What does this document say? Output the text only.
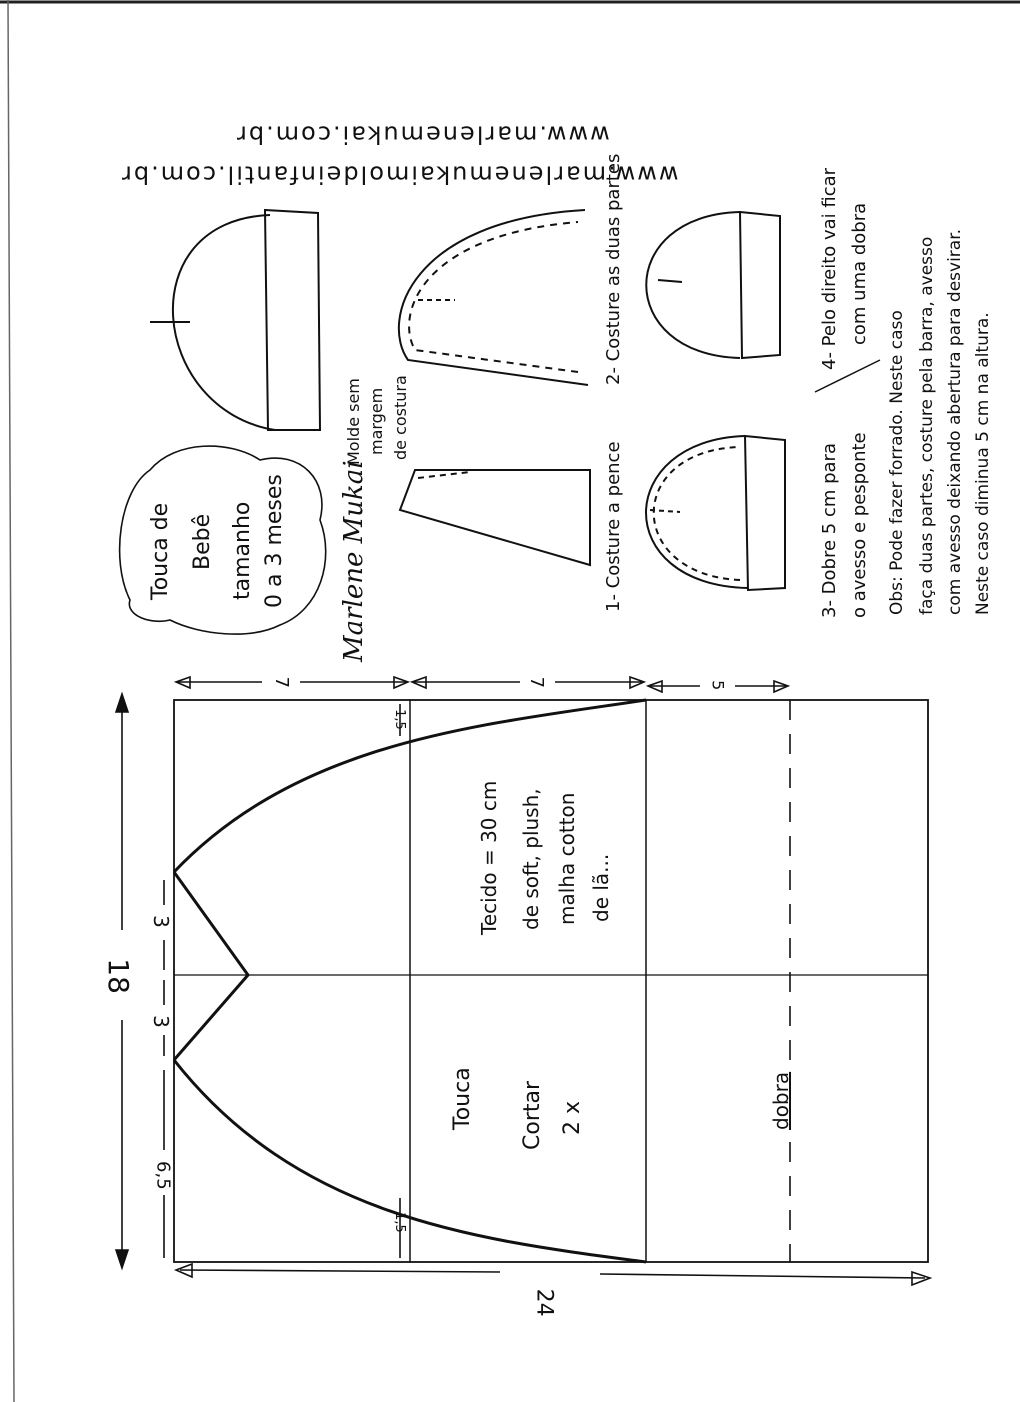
www.marlenemukai.com.br
www.marlenemukaimoldeinfantil.com.br
18
6,5
3
3
1,5
1,5
7	7	5
24
Touca Cortar 2 x	dobra
Tecido = 30 cm de soft, plush, malha cotton de lã...
Touca de Bebê tamanho 0 a 3 meses Marlene Mukai
Molde sem margem de costura
1- Costure a pence
2- Costure as duas partes
3- Dobre 5 cm para o avesso e pesponte
4- Pelo direito vai ficar com uma dobra
Obs: Pode fazer forrado. Neste caso faça duas partes, costure pela barra, avesso com avesso deixando abertura para desvirar. Neste caso diminua 5 cm na altura.
